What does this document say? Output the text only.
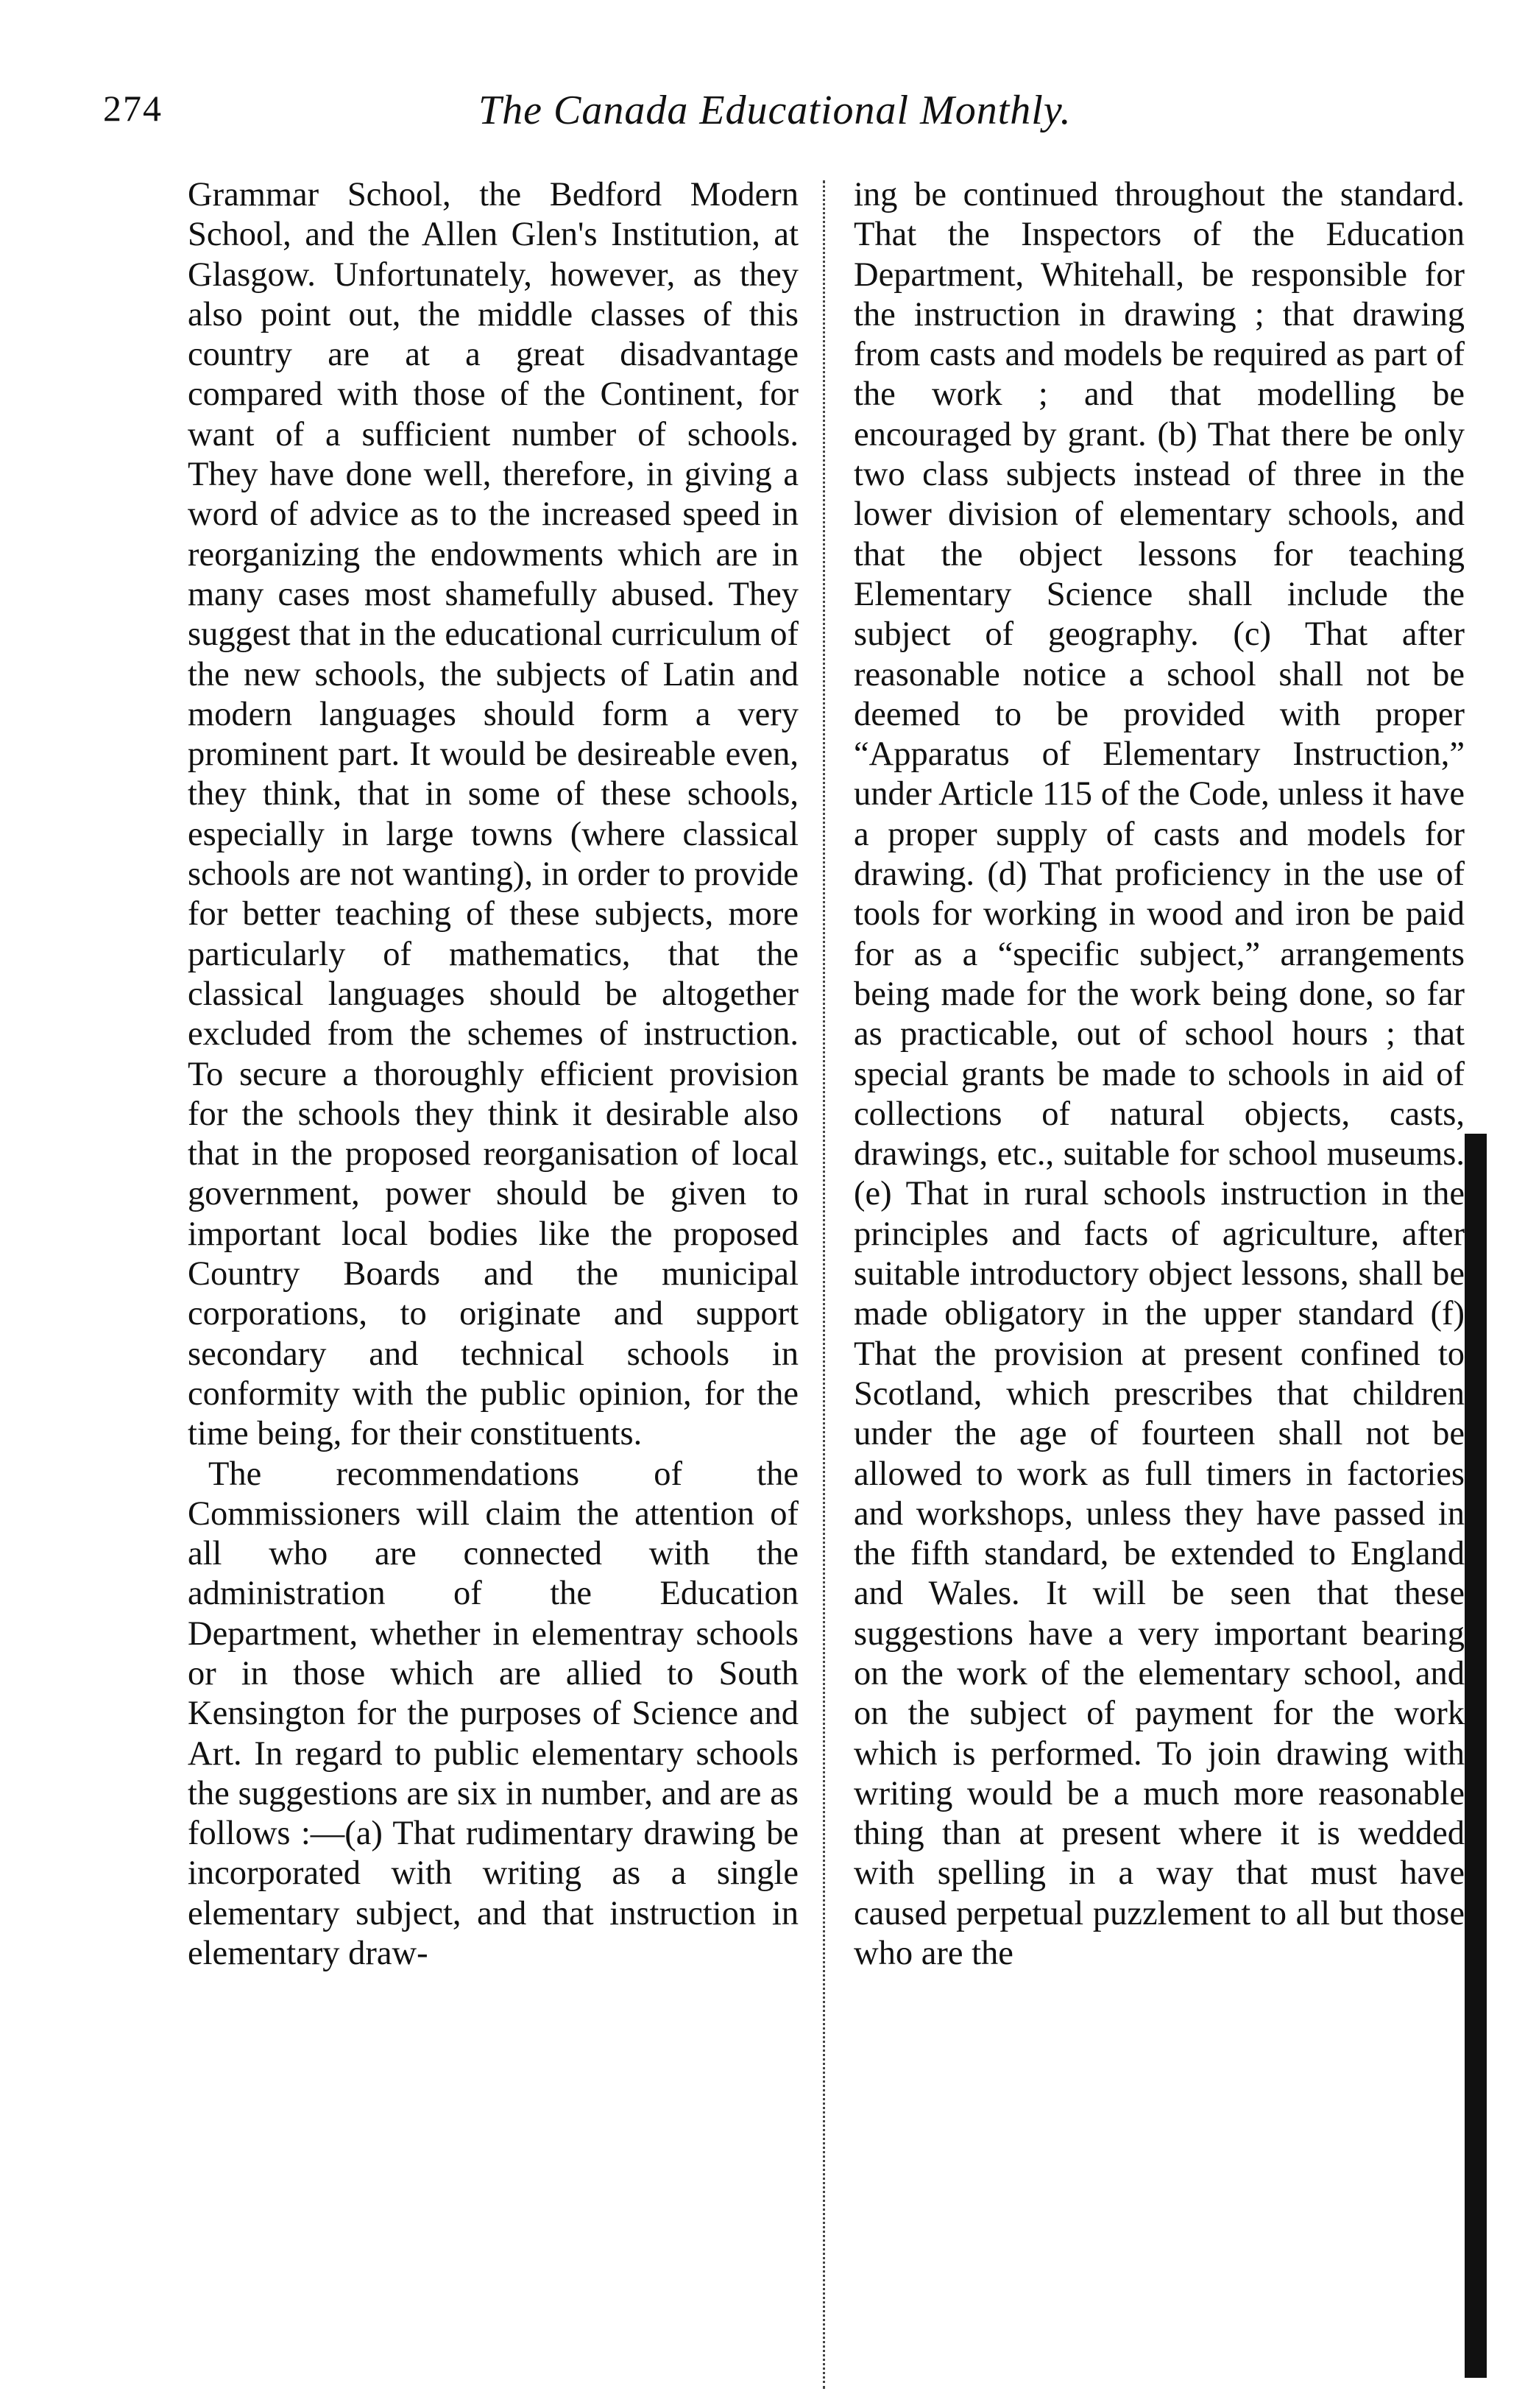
274	The Canada Educational Monthly.

Grammar School, the Bedford Modern School, and the Allen Glen's Institution, at Glasgow. Unfortunately, however, as they also point out, the middle classes of this country are at a great disadvantage compared with those of the Continent, for want of a sufficient number of schools. They have done well, therefore, in giving a word of advice as to the increased speed in reorganizing the endowments which are in many cases most shamefully abused. They suggest that in the educational curriculum of the new schools, the subjects of Latin and modern languages should form a very prominent part. It would be desireable even, they think, that in some of these schools, especially in large towns (where classical schools are not wanting), in order to provide for better teaching of these subjects, more particularly of mathematics, that the classical languages should be altogether excluded from the schemes of instruction. To secure a thoroughly efficient provision for the schools they think it desirable also that in the proposed reorganisation of local government, power should be given to important local bodies like the proposed Country Boards and the municipal corporations, to originate and support secondary and technical schools in conformity with the public opinion, for the time being, for their constituents.

The recommendations of the Commissioners will claim the attention of all who are connected with the administration of the Education Department, whether in elementray schools or in those which are allied to South Kensington for the purposes of Science and Art. In regard to public elementary schools the suggestions are six in number, and are as follows :—(a) That rudimentary drawing be incorporated with writing as a single elementary subject, and that instruction in elementary draw-

ing be continued throughout the standard. That the Inspectors of the Education Department, Whitehall, be responsible for the instruction in drawing ; that drawing from casts and models be required as part of the work ; and that modelling be encouraged by grant. (b) That there be only two class subjects instead of three in the lower division of elementary schools, and that the object lessons for teaching Elementary Science shall include the subject of geography. (c) That after reasonable notice a school shall not be deemed to be provided with proper “Apparatus of Elementary Instruction,” under Article 115 of the Code, unless it have a proper supply of casts and models for drawing. (d) That proficiency in the use of tools for working in wood and iron be paid for as a “specific subject,” arrangements being made for the work being done, so far as practicable, out of school hours ; that special grants be made to schools in aid of collections of natural objects, casts, drawings, etc., suitable for school museums. (e) That in rural schools instruction in the principles and facts of agriculture, after suitable introductory object lessons, shall be made obligatory in the upper standard (f) That the provision at present confined to Scotland, which prescribes that children under the age of fourteen shall not be allowed to work as full timers in factories and workshops, unless they have passed in the fifth standard, be extended to England and Wales. It will be seen that these suggestions have a very important bearing on the work of the elementary school, and on the subject of payment for the work which is performed. To join drawing with writing would be a much more reasonable thing than at present where it is wedded with spelling in a way that must have caused perpetual puzzlement to all but those who are the
